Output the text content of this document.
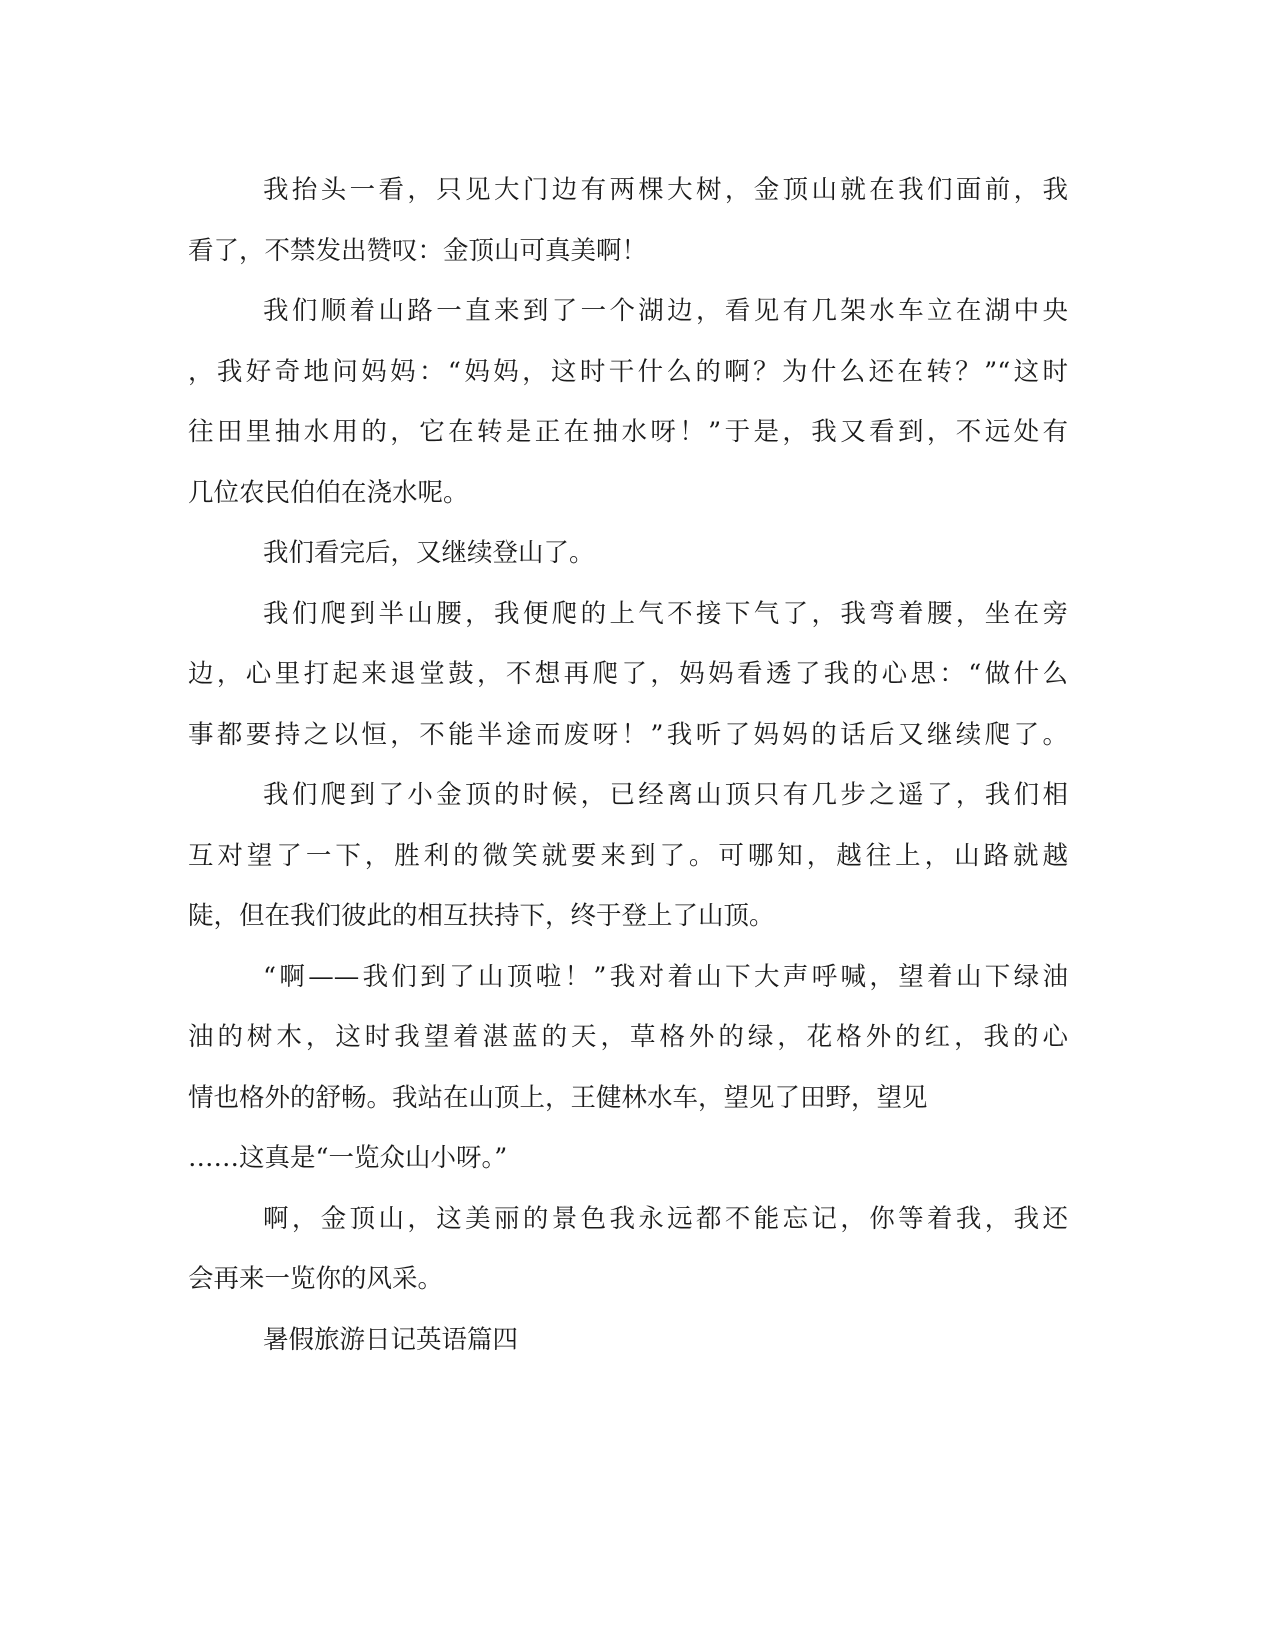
我抬头一看，只见大门边有两棵大树，金顶山就在我们面前，我
看了，不禁发出赞叹：金顶山可真美啊！
我们顺着山路一直来到了一个湖边，看见有几架水车立在湖中央
，我好奇地问妈妈：“妈妈，这时干什么的啊？为什么还在转？”“这时
往田里抽水用的，它在转是正在抽水呀！”于是，我又看到，不远处有
几位农民伯伯在浇水呢。
我们看完后，又继续登山了。
我们爬到半山腰，我便爬的上气不接下气了，我弯着腰，坐在旁
边，心里打起来退堂鼓，不想再爬了，妈妈看透了我的心思：“做什么
事都要持之以恒，不能半途而废呀！”我听了妈妈的话后又继续爬了。
我们爬到了小金顶的时候，已经离山顶只有几步之遥了，我们相
互对望了一下，胜利的微笑就要来到了。可哪知，越往上，山路就越
陡，但在我们彼此的相互扶持下，终于登上了山顶。
“啊——我们到了山顶啦！”我对着山下大声呼喊，望着山下绿油
油的树木，这时我望着湛蓝的天，草格外的绿，花格外的红，我的心
情也格外的舒畅。我站在山顶上，王健林水车，望见了田野，望见
……这真是“一览众山小呀。”
啊，金顶山，这美丽的景色我永远都不能忘记，你等着我，我还
会再来一览你的风采。
暑假旅游日记英语篇四
